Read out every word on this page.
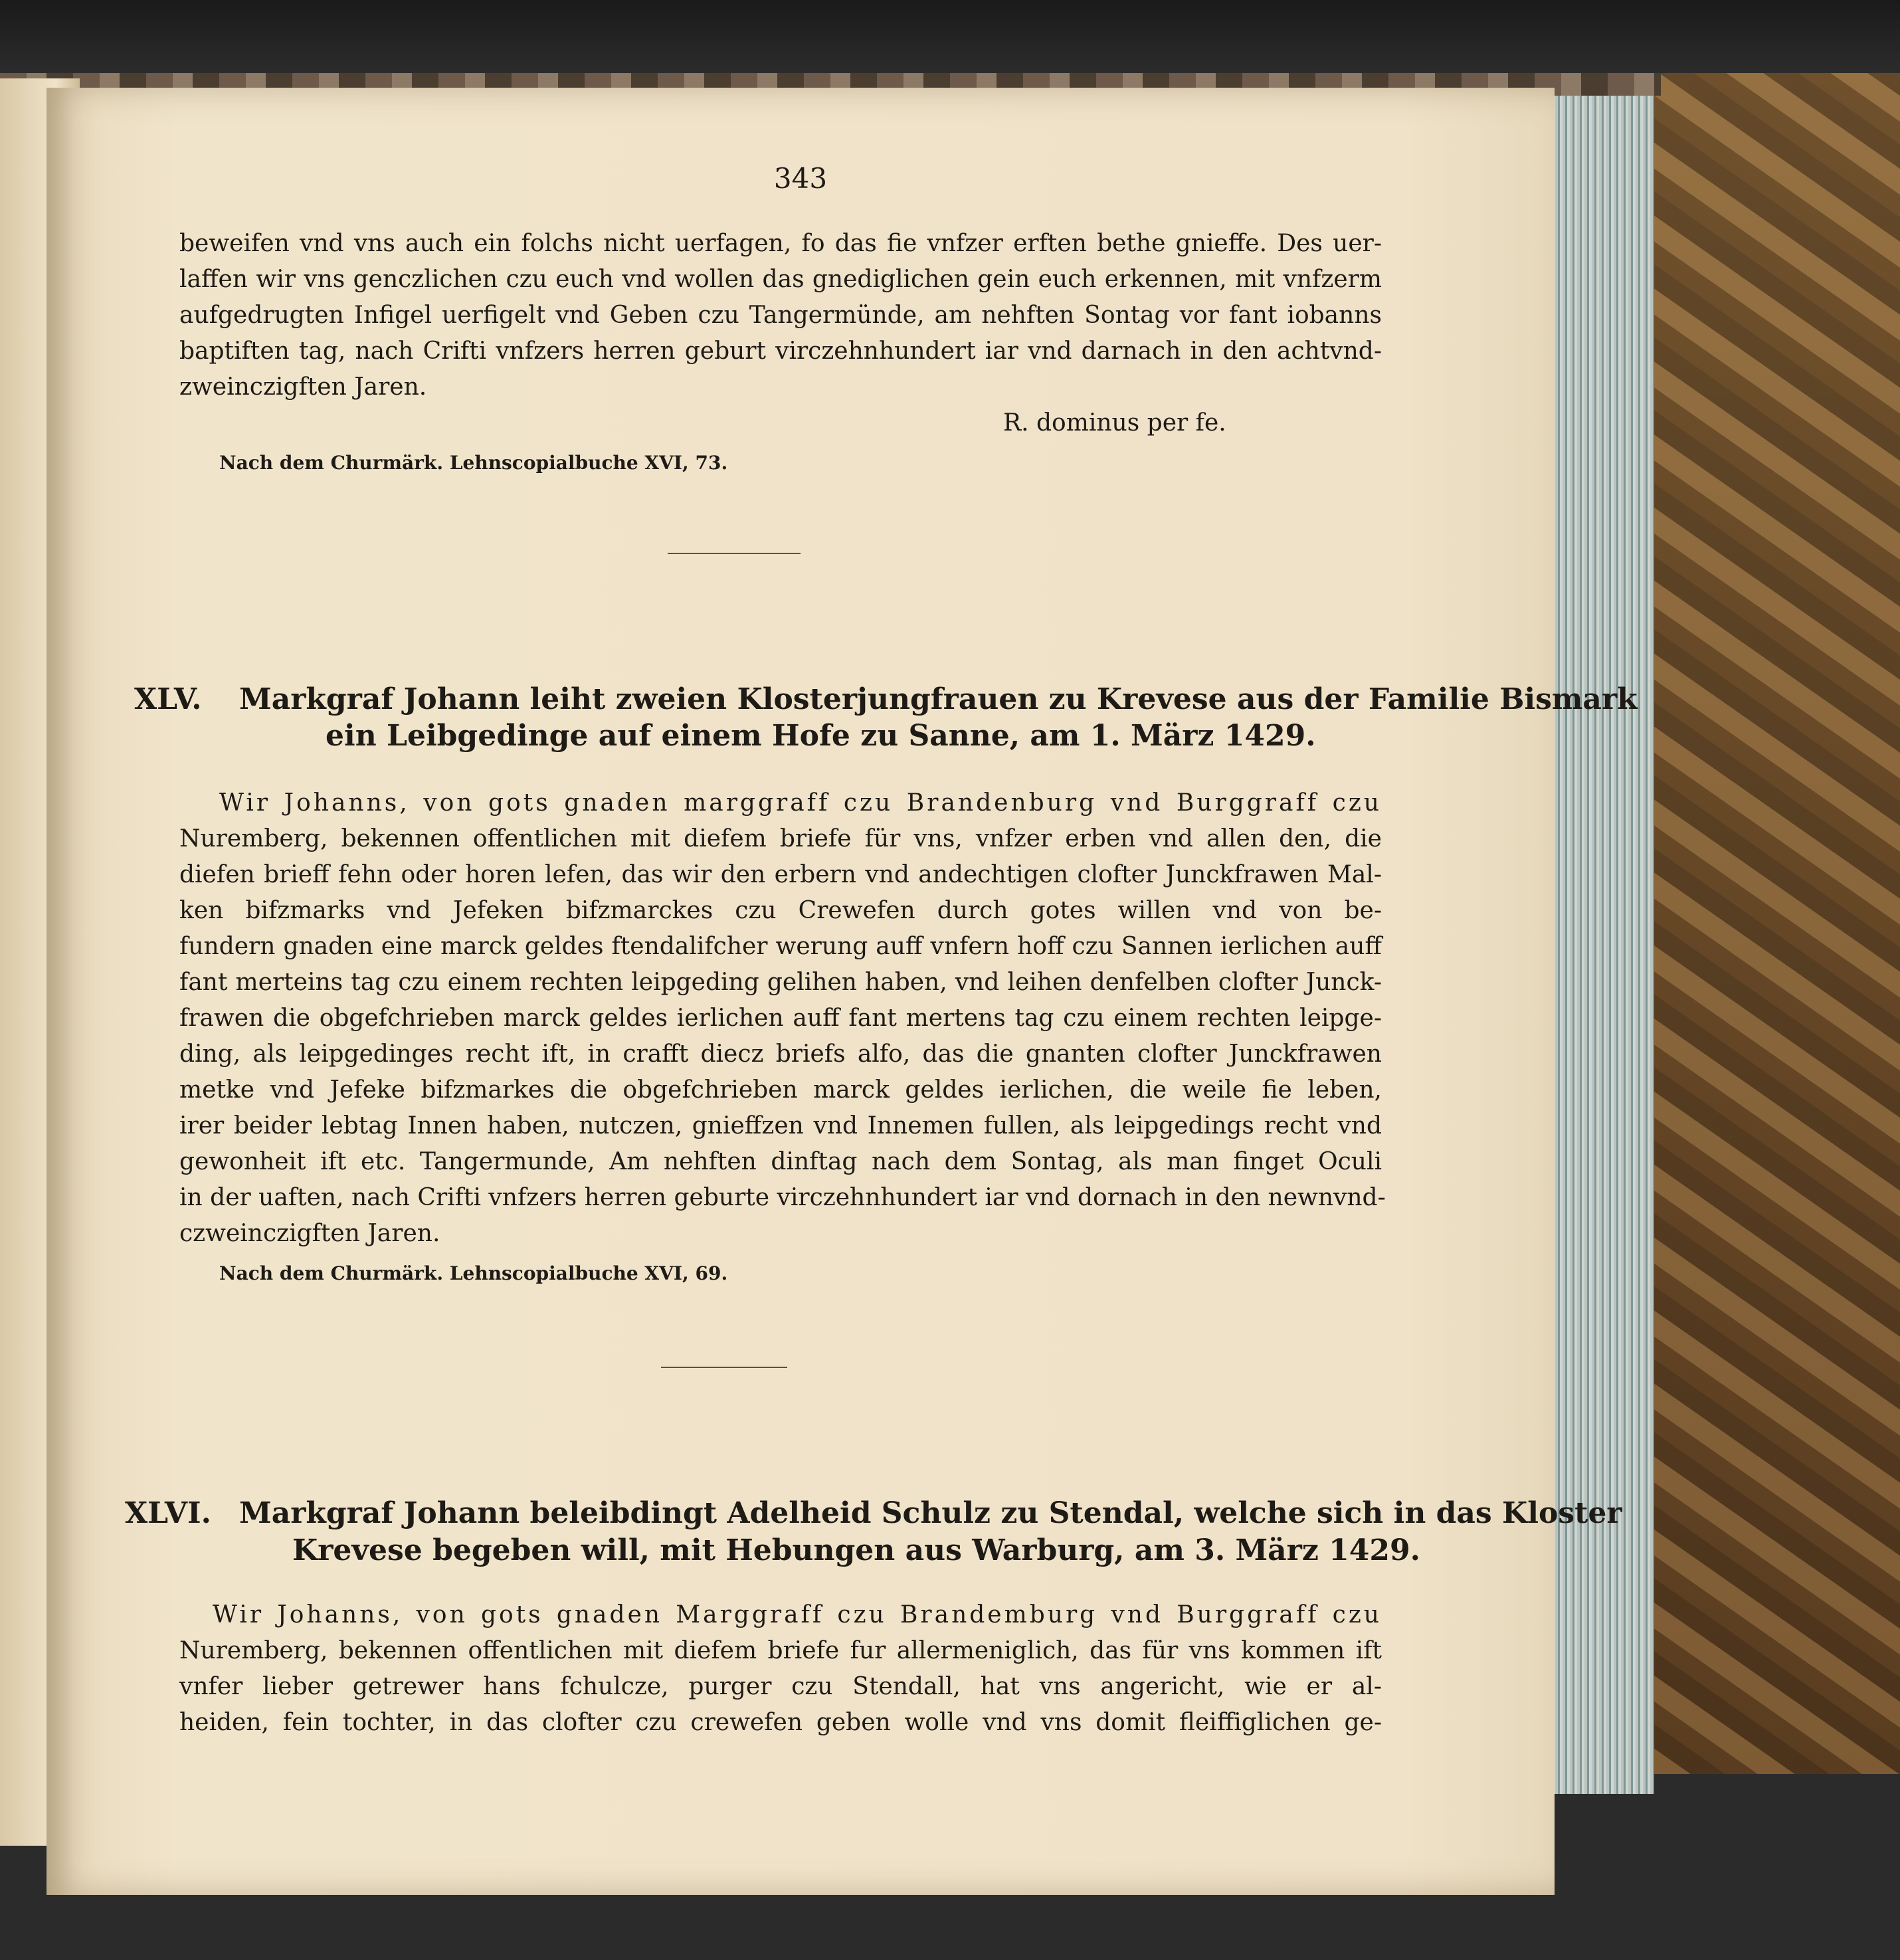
343
beweifen vnd vns auch ein folchs nicht uerfagen, fo das fie vnfzer erften bethe gnieffe. Des uer-
laffen wir vns genczlichen czu euch vnd wollen das gnediglichen gein euch erkennen, mit vnfzerm
aufgedrugten Infigel uerfigelt vnd Geben czu Tangermünde, am nehften Sontag vor fant iobanns
baptiften tag, nach Crifti vnfzers herren geburt virczehnhundert iar vnd darnach in den achtvnd-
zweinczigften Jaren.
R. dominus per fe.
Nach dem Churmärk. Lehnscopialbuche XVI, 73.
XLV. Markgraf Johann leiht zweien Klosterjungfrauen zu Krevese aus der Familie Bismark
ein Leibgedinge auf einem Hofe zu Sanne, am 1. März 1429.
Wir Johanns, von gots gnaden marggraff czu Brandenburg vnd Burggraff czu
Nuremberg, bekennen offentlichen mit diefem briefe für vns, vnfzer erben vnd allen den, die
diefen brieff fehn oder horen lefen, das wir den erbern vnd andechtigen clofter Junckfrawen Mal-
ken bifzmarks vnd Jefeken bifzmarckes czu Crewefen durch gotes willen vnd von be-
fundern gnaden eine marck geldes ftendalifcher werung auff vnfern hoff czu Sannen ierlichen auff
fant merteins tag czu einem rechten leipgeding gelihen haben, vnd leihen denfelben clofter Junck-
frawen die obgefchrieben marck geldes ierlichen auff fant mertens tag czu einem rechten leipge-
ding, als leipgedinges recht ift, in crafft diecz briefs alfo, das die gnanten clofter Junckfrawen
metke vnd Jefeke bifzmarkes die obgefchrieben marck geldes ierlichen, die weile fie leben,
irer beider lebtag Innen haben, nutczen, gnieffzen vnd Innemen fullen, als leipgedings recht vnd
gewonheit ift etc. Tangermunde, Am nehften dinftag nach dem Sontag, als man finget Oculi
in der uaften, nach Crifti vnfzers herren geburte virczehnhundert iar vnd dornach in den newnvnd-
czweinczigften Jaren.
Nach dem Churmärk. Lehnscopialbuche XVI, 69.
XLVI. Markgraf Johann beleibdingt Adelheid Schulz zu Stendal, welche sich in das Kloster
Krevese begeben will, mit Hebungen aus Warburg, am 3. März 1429.
Wir Johanns, von gots gnaden Marggraff czu Brandemburg vnd Burggraff czu
Nuremberg, bekennen offentlichen mit diefem briefe fur allermeniglich, das für vns kommen ift
vnfer lieber getrewer hans fchulcze, purger czu Stendall, hat vns angericht, wie er al-
heiden, fein tochter, in das clofter czu crewefen geben wolle vnd vns domit fleiffiglichen ge-
